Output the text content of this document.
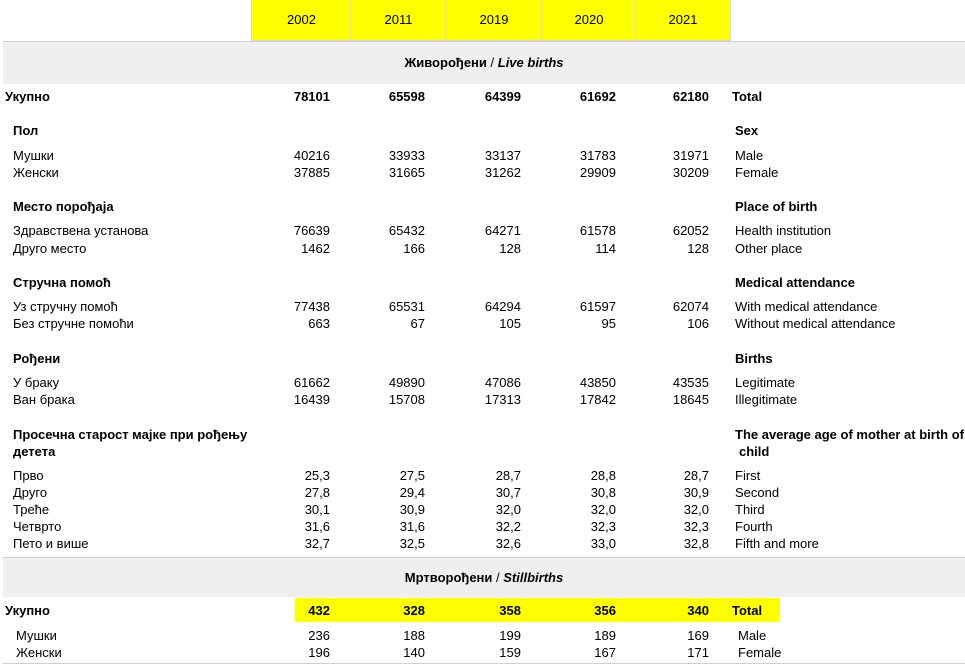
2002	2011	2019	2020	2021
Живорођени / Live births
Укупно	78101	65598	64399	61692	62180 Total
Пол	Sex
Мушки	40216	33933	33137	31783	31971 Male
Женски	37885	31665	31262	29909	30209 Female
Место порођаја	Place of birth
Здравствена установа	76639	65432	64271	61578	62052 Health institution
Друго место	1462	166	128	114	128 Other place
Стручна помоћ	Medical attendance
Уз стручну помоћ	77438	65531	64294	61597	62074 With medical attendance
Без стручне помоћи	663	67	105	95	106 Without medical attendance
Рођени	Births
У браку	61662	49890	47086	43850	43535 Legitimate
Ван брака	16439	15708	17313	17842	18645 Illegitimate
Просечна старост мајке при рођењу
детета
The average age of mother at birth of
child
Прво	25,3	27,5	28,7	28,8	28,7 First
Друго	27,8	29,4	30,7	30,8	30,9 Second
Треће	30,1	30,9	32,0	32,0	32,0 Third
Четврто	31,6	31,6	32,2	32,3	32,3 Fourth
Пето и више	32,7	32,5	32,6	33,0	32,8 Fifth and more
Мртворођени / Stillbirths
Укупно	432	328	358	356	340 Total
Мушки	236	188	199	189	169 Male
Женски	196	140	159	167	171 Female
